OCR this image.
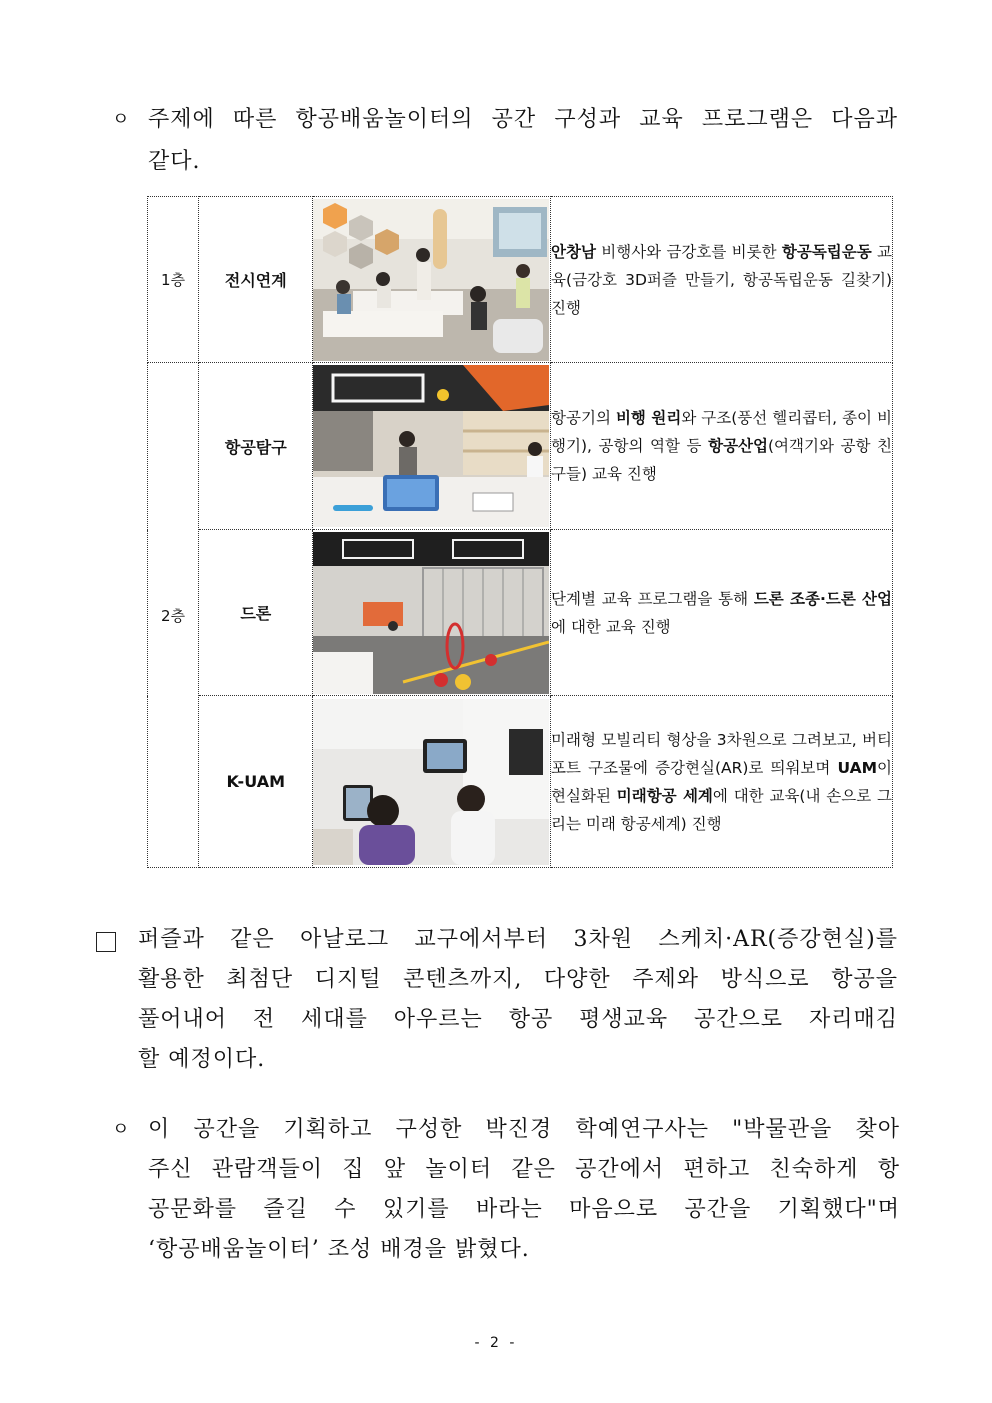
ㅇ 주제에 따른 항공배움놀이터의 공간 구성과 교육 프로그램은 다음과
같다.
1층	전시연계		안창남 비행사와 금강호를 비롯한 항공독립운동 교육(금강호 3D퍼즐 만들기, 항공독립운동 길찾기) 진행
2층	항공탐구		항공기의 비행 원리와 구조(풍선 헬리콥터, 종이 비행기), 공항의 역할 등 항공산업(여객기와 공항 친구들) 교육 진행
	드론		단계별 교육 프로그램을 통해 드론 조종·드론 산업에 대한 교육 진행
	K-UAM		미래형 모빌리티 형상을 3차원으로 그려보고, 버티포트 구조물에 증강현실(AR)로 띄워보며 UAM이 현실화된 미래항공 세계에 대한 교육(내 손으로 그리는 미래 항공세계) 진행
퍼즐과 같은 아날로그 교구에서부터 3차원 스케치·AR(증강현실)를
활용한 최첨단 디지털 콘텐츠까지, 다양한 주제와 방식으로 항공을
풀어내어 전 세대를 아우르는 항공 평생교육 공간으로 자리매김
할 예정이다.
ㅇ 이 공간을 기획하고 구성한 박진경 학예연구사는 "박물관을 찾아
주신 관람객들이 집 앞 놀이터 같은 공간에서 편하고 친숙하게 항
공문화를 즐길 수 있기를 바라는 마음으로 공간을 기획했다"며
‘항공배움놀이터’ 조성 배경을 밝혔다.
- 2 -
